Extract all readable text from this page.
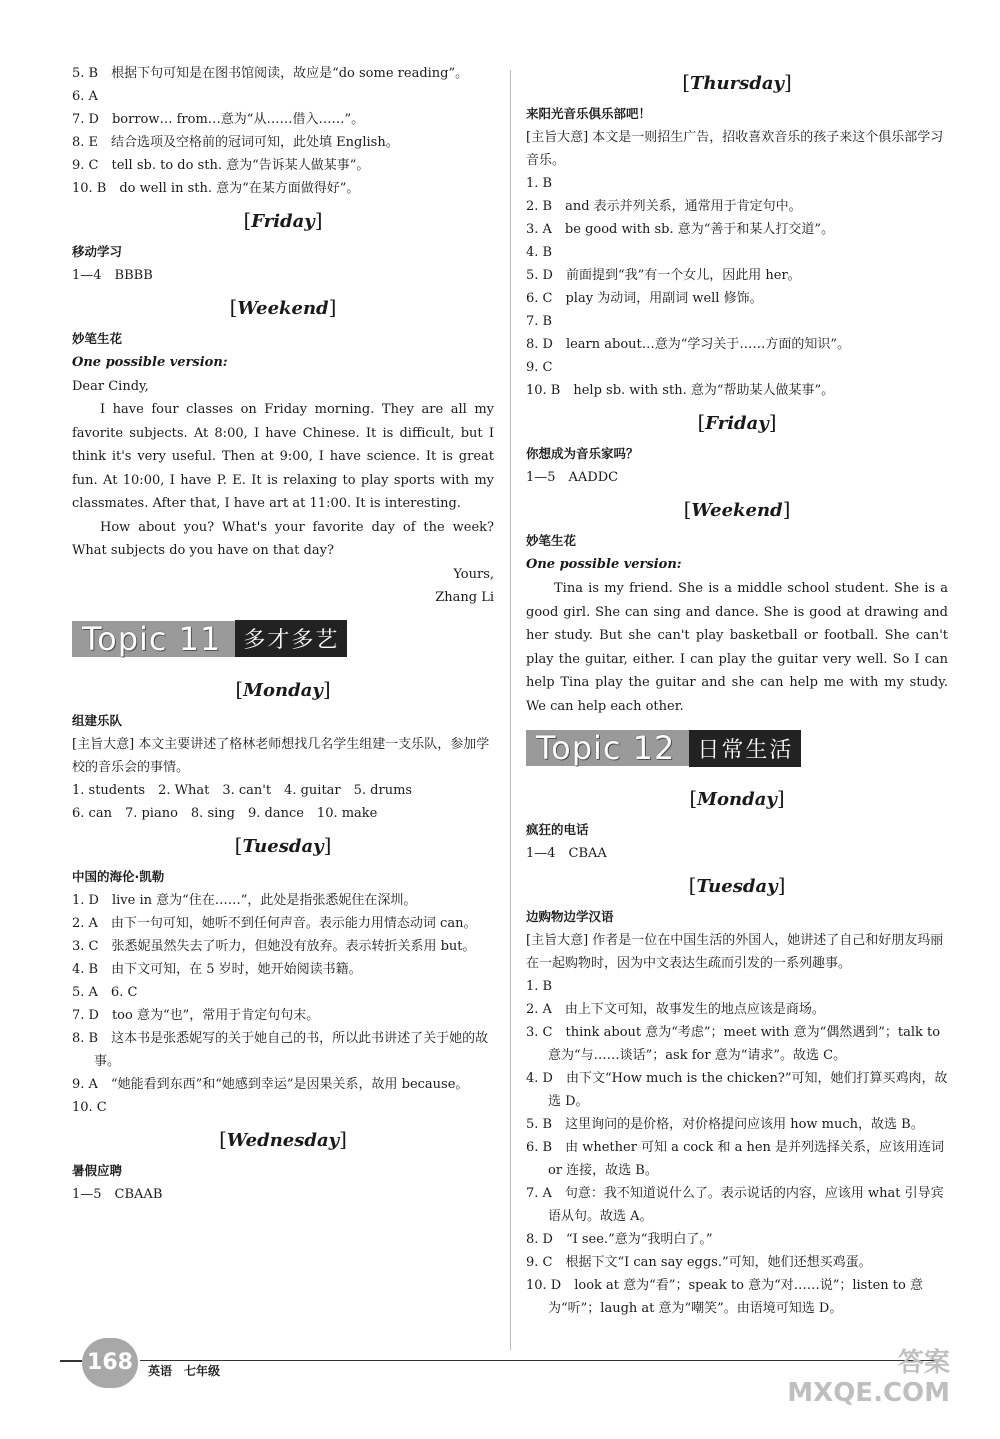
5. B　根据下句可知是在图书馆阅读，故应是“do some reading”。
6. A
7. D　borrow… from…意为“从……借入……”。
8. E　结合选项及空格前的冠词可知，此处填 English。
9. C　tell sb. to do sth. 意为“告诉某人做某事”。
10. B　do well in sth. 意为“在某方面做得好”。
[Friday]
移动学习
1—4　BBBB
[Weekend]
妙笔生花
One possible version:
Dear Cindy,
I have four classes on Friday morning. They are all my favorite subjects. At 8:00, I have Chinese. It is difficult, but I think it's very useful. Then at 9:00, I have science. It is great fun. At 10:00, I have P. E. It is relaxing to play sports with my classmates. After that, I have art at 11:00. It is interesting.
How about you? What's your favorite day of the week? What subjects do you have on that day?
Yours,
Zhang Li
Topic 11	多才多艺
[Monday]
组建乐队
[主旨大意] 本文主要讲述了格林老师想找几名学生组建一支乐队，参加学校的音乐会的事情。
1. students　2. What　3. can't　4. guitar　5. drums
6. can　7. piano　8. sing　9. dance　10. make
[Tuesday]
中国的海伦·凯勒
1. D　live in 意为“住在……”，此处是指张悉妮住在深圳。
2. A　由下一句可知，她听不到任何声音。表示能力用情态动词 can。
3. C　张悉妮虽然失去了听力，但她没有放弃。表示转折关系用 but。
4. B　由下文可知，在 5 岁时，她开始阅读书籍。
5. A　6. C
7. D　too 意为“也”，常用于肯定句句末。
8. B　这本书是张悉妮写的关于她自己的书，所以此书讲述了关于她的故事。
9. A　“她能看到东西”和“她感到幸运”是因果关系，故用 because。
10. C
[Wednesday]
暑假应聘
1—5　CBAAB
[Thursday]
来阳光音乐俱乐部吧！
[主旨大意] 本文是一则招生广告，招收喜欢音乐的孩子来这个俱乐部学习音乐。
1. B
2. B　and 表示并列关系，通常用于肯定句中。
3. A　be good with sb. 意为“善于和某人打交道”。
4. B
5. D　前面提到“我”有一个女儿，因此用 her。
6. C　play 为动词，用副词 well 修饰。
7. B
8. D　learn about…意为“学习关于……方面的知识”。
9. C
10. B　help sb. with sth. 意为“帮助某人做某事”。
[Friday]
你想成为音乐家吗？
1—5　AADDC
[Weekend]
妙笔生花
One possible version:
Tina is my friend. She is a middle school student. She is a good girl. She can sing and dance. She is good at drawing and her study. But she can't play basketball or football. She can't play the guitar, either. I can play the guitar very well. So I can help Tina play the guitar and she can help me with my study. We can help each other.
Topic 12	日常生活
[Monday]
疯狂的电话
1—4　CBAA
[Tuesday]
边购物边学汉语
[主旨大意] 作者是一位在中国生活的外国人，她讲述了自己和好朋友玛丽在一起购物时，因为中文表达生疏而引发的一系列趣事。
1. B
2. A　由上下文可知，故事发生的地点应该是商场。
3. C　think about 意为“考虑”；meet with 意为“偶然遇到”；talk to 意为“与……谈话”；ask for 意为“请求”。故选 C。
4. D　由下文“How much is the chicken?”可知，她们打算买鸡肉，故选 D。
5. B　这里询问的是价格，对价格提问应该用 how much，故选 B。
6. B　由 whether 可知 a cock 和 a hen 是并列选择关系，应该用连词 or 连接，故选 B。
7. A　句意：我不知道说什么了。表示说话的内容，应该用 what 引导宾语从句。故选 A。
8. D　“I see.”意为“我明白了。”
9. C　根据下文“I can say eggs.”可知，她们还想买鸡蛋。
10. D　look at 意为“看”；speak to 意为“对……说”；listen to 意为“听”；laugh at 意为“嘲笑”。由语境可知选 D。
168	英语　七年级	答案
MXQE.COM
